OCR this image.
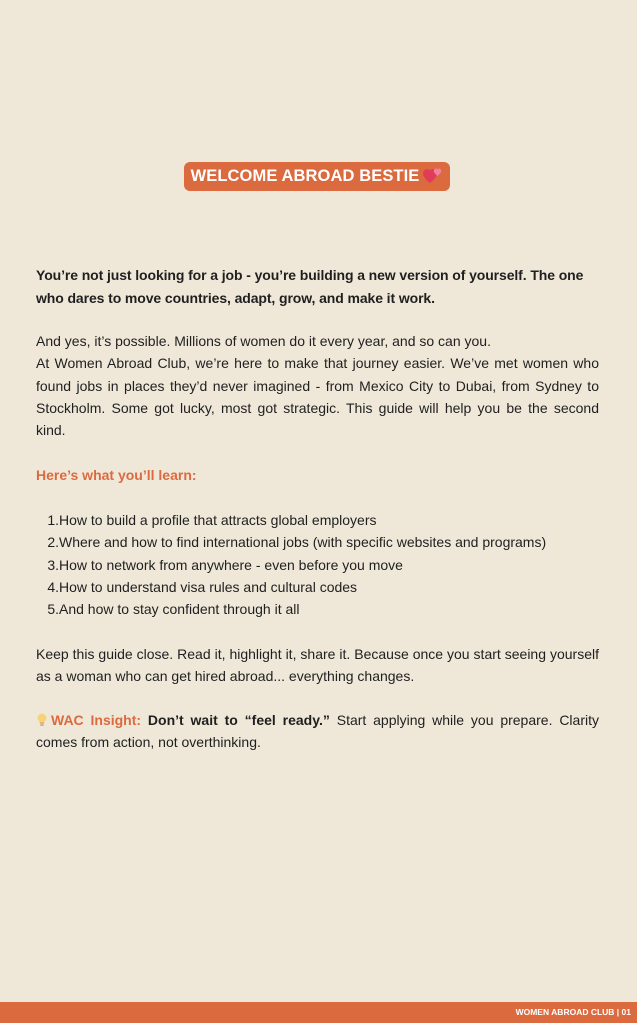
WELCOME ABROAD BESTIE
You’re not just looking for a job - you’re building a new version of yourself. The one who dares to move countries, adapt, grow, and make it work.

And yes, it’s possible. Millions of women do it every year, and so can you.

At Women Abroad Club, we’re here to make that journey easier. We’ve met women who found jobs in places they’d never imagined - from Mexico City to Dubai, from Sydney to Stockholm. Some got lucky, most got strategic. This guide will help you be the second kind.

Here’s what you’ll learn:
1. How to build a profile that attracts global employers
2. Where and how to find international jobs (with specific websites and programs)
3. How to network from anywhere - even before you move
4. How to understand visa rules and cultural codes
5. And how to stay confident through it all
Keep this guide close. Read it, highlight it, share it. Because once you start seeing yourself as a woman who can get hired abroad... everything changes.
WAC Insight: Don’t wait to “feel ready.” Start applying while you prepare. Clarity comes from action, not overthinking.
WOMEN ABROAD CLUB | 01
